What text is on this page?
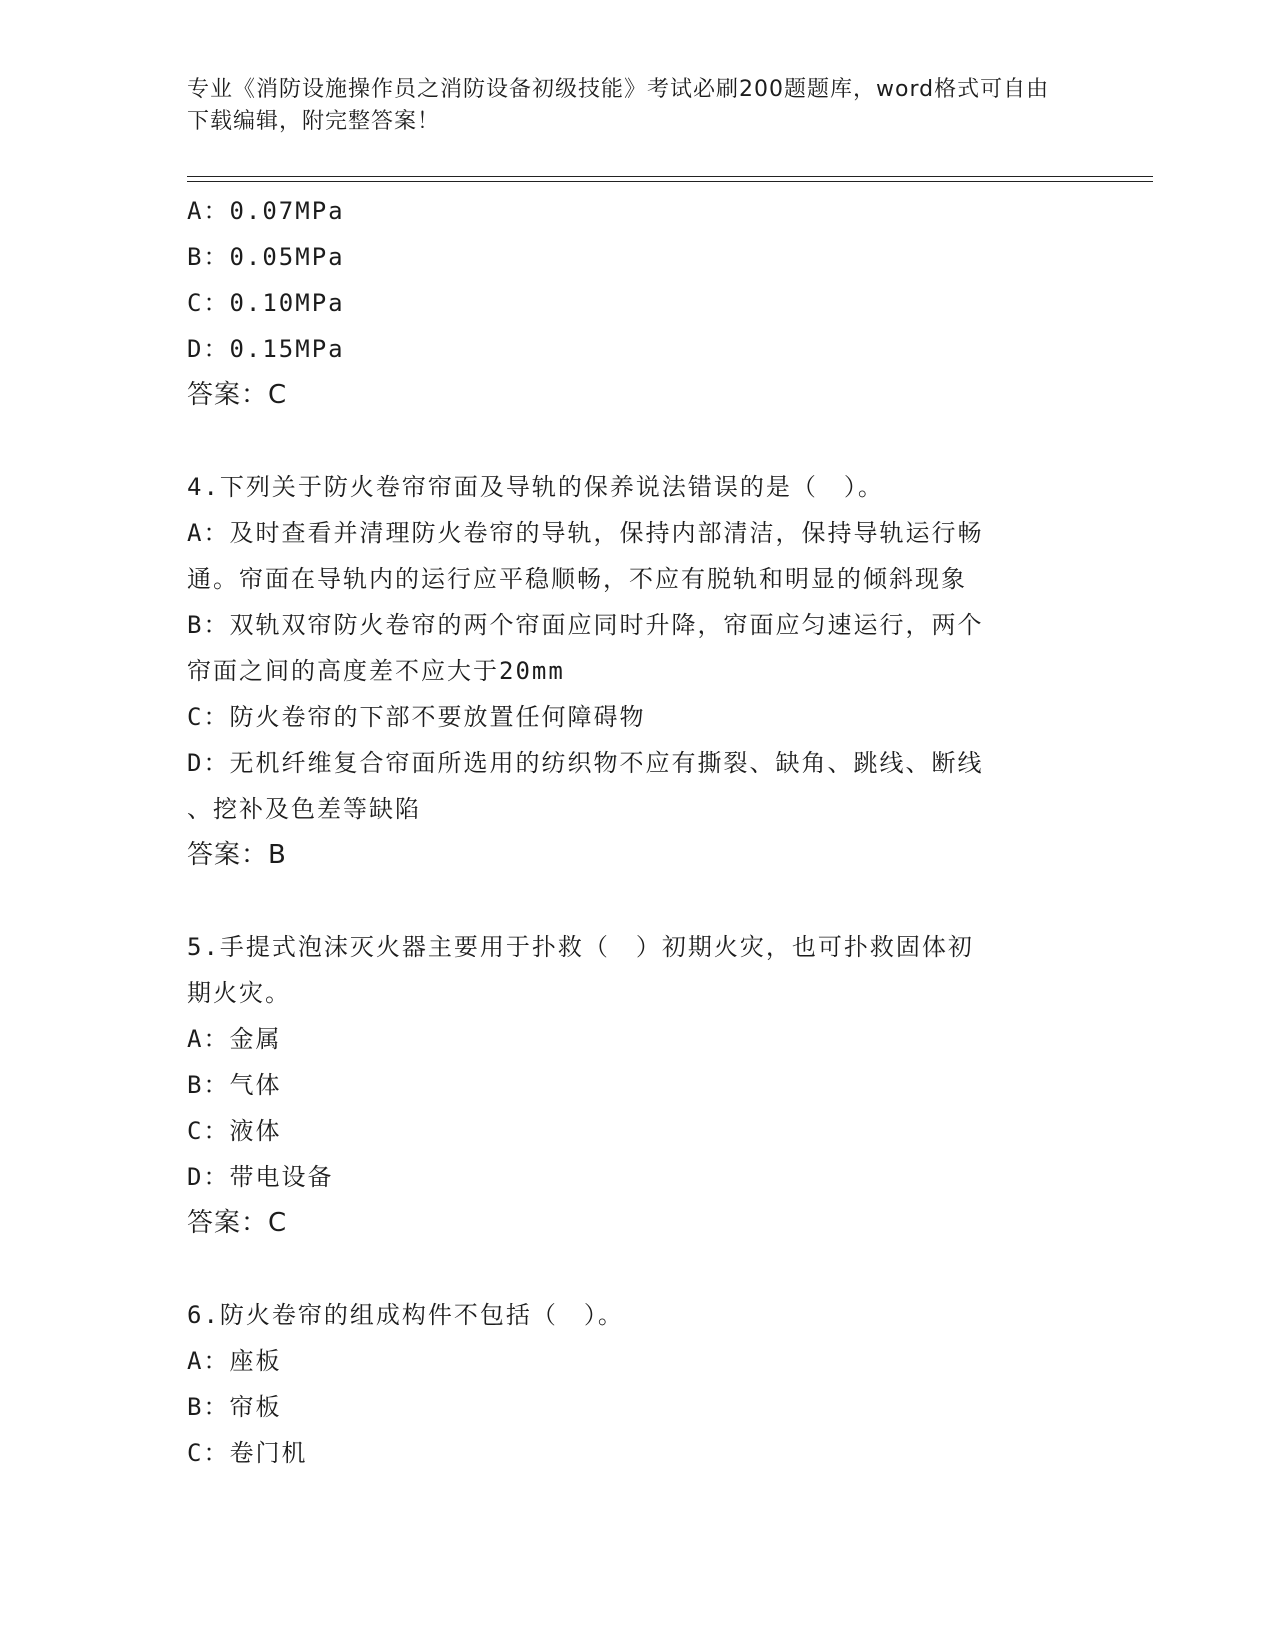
专业《消防设施操作员之消防设备初级技能》考试必刷200题题库，word格式可自由下载编辑，附完整答案！
A：0.07MPa
B：0.05MPa
C：0.10MPa
D：0.15MPa
答案：C
4.下列关于防火卷帘帘面及导轨的保养说法错误的是（　）。
A：及时查看并清理防火卷帘的导轨，保持内部清洁，保持导轨运行畅
通。帘面在导轨内的运行应平稳顺畅，不应有脱轨和明显的倾斜现象
B：双轨双帘防火卷帘的两个帘面应同时升降，帘面应匀速运行，两个
帘面之间的高度差不应大于20mm
C：防火卷帘的下部不要放置任何障碍物
D：无机纤维复合帘面所选用的纺织物不应有撕裂、缺角、跳线、断线
、挖补及色差等缺陷
答案：B
5.手提式泡沫灭火器主要用于扑救（　）初期火灾，也可扑救固体初
期火灾。
A：金属
B：气体
C：液体
D：带电设备
答案：C
6.防火卷帘的组成构件不包括（　）。
A：座板
B：帘板
C：卷门机
